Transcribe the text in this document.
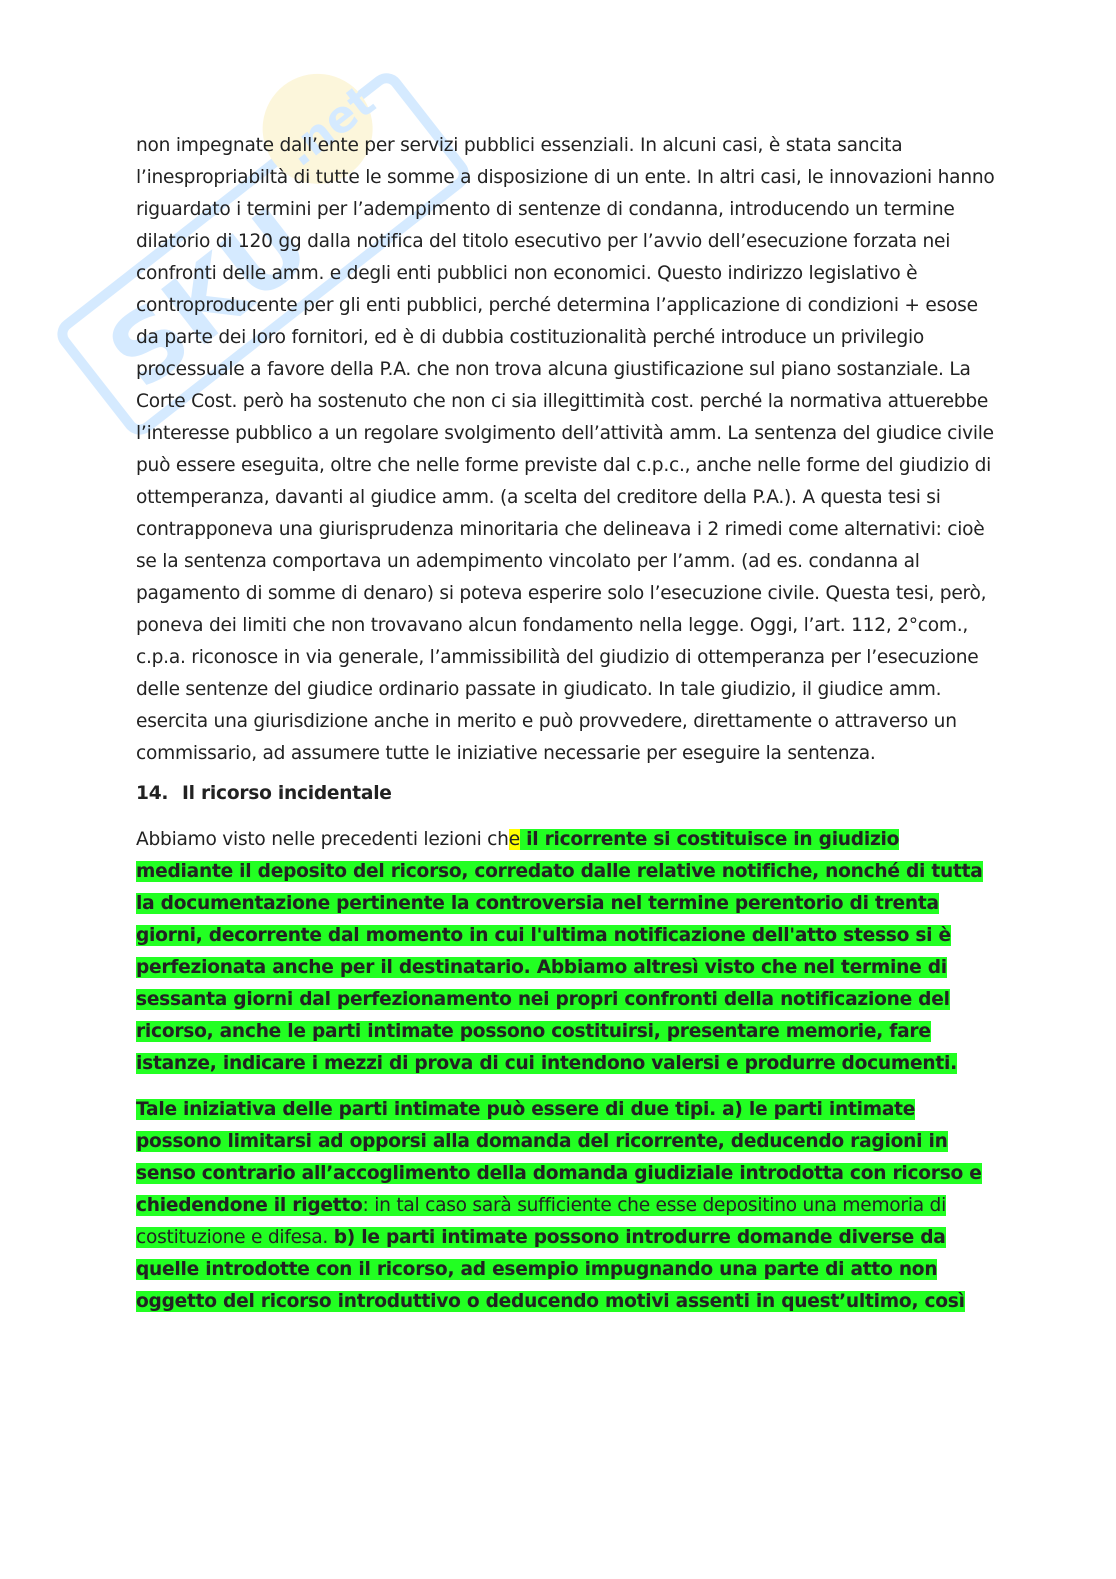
SKU
.net

non impegnate dall’ente per servizi pubblici essenziali. In alcuni casi, è stata sancita l’inespropriabiltà di tutte le somme a disposizione di un ente. In altri casi, le innovazioni hanno riguardato i termini per l’adempimento di sentenze di condanna, introducendo un termine dilatorio di 120 gg dalla notifica del titolo esecutivo per l’avvio dell’esecuzione forzata nei confronti delle amm. e degli enti pubblici non economici. Questo indirizzo legislativo è controproducente per gli enti pubblici, perché determina l’applicazione di condizioni + esose da parte dei loro fornitori, ed è di dubbia costituzionalità perché introduce un privilegio processuale a favore della P.A. che non trova alcuna giustificazione sul piano sostanziale. La Corte Cost. però ha sostenuto che non ci sia illegittimità cost. perché la normativa attuerebbe l’interesse pubblico a un regolare svolgimento dell’attività amm. La sentenza del giudice civile può essere eseguita, oltre che nelle forme previste dal c.p.c., anche nelle forme del giudizio di ottemperanza, davanti al giudice amm. (a scelta del creditore della P.A.). A questa tesi si contrapponeva una giurisprudenza minoritaria che delineava i 2 rimedi come alternativi: cioè se la sentenza comportava un adempimento vincolato per l’amm. (ad es. condanna al pagamento di somme di denaro) si poteva esperire solo l’esecuzione civile. Questa tesi, però, poneva dei limiti che non trovavano alcun fondamento nella legge. Oggi, l’art. 112, 2°com., c.p.a. riconosce in via generale, l’ammissibilità del giudizio di ottemperanza per l’esecuzione delle sentenze del giudice ordinario passate in giudicato. In tale giudizio, il giudice amm. esercita una giurisdizione anche in merito e può provvedere, direttamente o attraverso un commissario, ad assumere tutte le iniziative necessarie per eseguire la sentenza.

14. Il ricorso incidentale

Abbiamo visto nelle precedenti lezioni che il ricorrente si costituisce in giudizio mediante il deposito del ricorso, corredato dalle relative notifiche, nonché di tutta la documentazione pertinente la controversia nel termine perentorio di trenta giorni, decorrente dal momento in cui l'ultima notificazione dell'atto stesso si è perfezionata anche per il destinatario. Abbiamo altresì visto che nel termine di sessanta giorni dal perfezionamento nei propri confronti della notificazione del ricorso, anche le parti intimate possono costituirsi, presentare memorie, fare istanze, indicare i mezzi di prova di cui intendono valersi e produrre documenti.

Tale iniziativa delle parti intimate può essere di due tipi. a) le parti intimate possono limitarsi ad opporsi alla domanda del ricorrente, deducendo ragioni in senso contrario all’accoglimento della domanda giudiziale introdotta con ricorso e chiedendone il rigetto: in tal caso sarà sufficiente che esse depositino una memoria di costituzione e difesa. b) le parti intimate possono introdurre domande diverse da quelle introdotte con il ricorso, ad esempio impugnando una parte di atto non oggetto del ricorso introduttivo o deducendo motivi assenti in quest’ultimo, così
